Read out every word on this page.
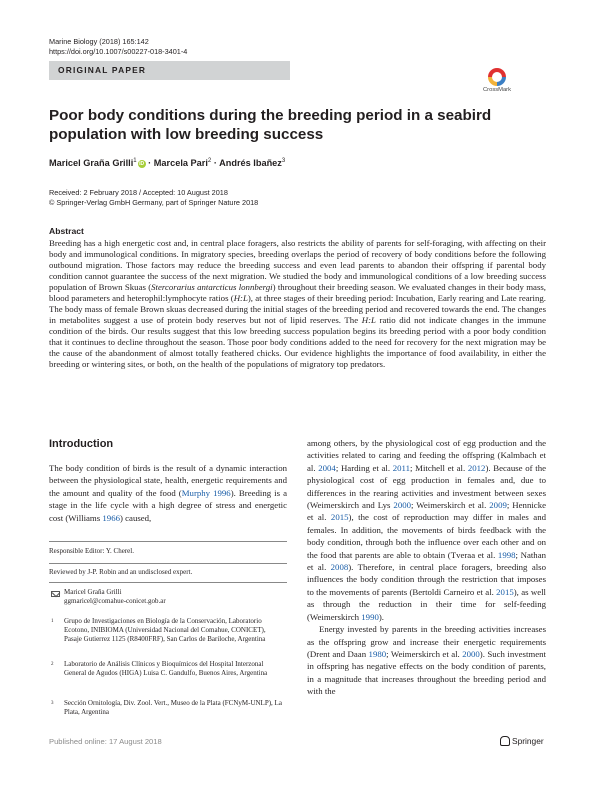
Marine Biology (2018) 165:142
https://doi.org/10.1007/s00227-018-3401-4
ORIGINAL PAPER
CrossMark
Poor body conditions during the breeding period in a seabird population with low breeding success
Maricel Graña Grilli$^1$iD · Marcela Pari$^2$ · Andrés Ibañez$^3$
Received: 2 February 2018 / Accepted: 10 August 2018
© Springer-Verlag GmbH Germany, part of Springer Nature 2018
Abstract
Breeding has a high energetic cost and, in central place foragers, also restricts the ability of parents for self-foraging, with affecting on their body and immunological conditions. In migratory species, breeding overlaps the period of recovery of body conditions before the following outbound migration. Those factors may reduce the breeding success and even lead parents to abandon their offspring if parental body condition cannot guarantee the success of the next migration. We studied the body and immunological conditions of a low breeding success population of Brown Skuas (Stercorarius antarcticus lonnbergi) throughout their breeding season. We evaluated changes in their body mass, blood parameters and heterophil:lymphocyte ratios (H:L), at three stages of their breeding period: Incubation, Early rearing and Late rearing. The body mass of female Brown skuas decreased during the initial stages of the breeding period and recovered towards the end. The changes in metabolites suggest a use of protein body reserves but not of lipid reserves. The H:L ratio did not indicate changes in the immune condition of the birds. Our results suggest that this low breeding success population begins its breeding period with a poor body condition that it continues to decline throughout the season. Those poor body conditions added to the need for recovery for the next migration may be the cause of the abandonment of almost totally feathered chicks. Our evidence highlights the importance of food availability, in either the breeding or wintering sites, or both, on the health of the populations of migratory top predators.
Introduction
The body condition of birds is the result of a dynamic interaction between the physiological state, health, energetic requirements and the amount and quality of the food (Murphy 1996). Breeding is a stage in the life cycle with a high degree of stress and energetic cost (Williams 1966) caused,

among others, by the physiological cost of egg production and the activities related to caring and feeding the offspring (Kalmbach et al. 2004; Harding et al. 2011; Mitchell et al. 2012). Because of the physiological cost of egg production in females and, due to differences in the rearing activities and investment between sexes (Weimerskirch and Lys 2000; Weimerskirch et al. 2009; Hennicke et al. 2015), the cost of reproduction may differ in males and females. In addition, the movements of birds feedback with the body condition, through both the influence over each other and on the food that parents are able to obtain (Tveraa et al. 1998; Nathan et al. 2008). Therefore, in central place foragers, breeding also influences the body condition through the restriction that imposes to the movements of parents (Bertoldi Carneiro et al. 2015), as well as through the reduction in their time for self-feeding (Weimerskirch 1990).

Energy invested by parents in the breeding activities increases as the offspring grow and increase their energetic requirements (Drent and Daan 1980; Weimerskirch et al. 2000). Such investment in offspring has negative effects on the body condition of parents, in a magnitude that increases throughout the breeding period and with the

Responsible Editor: Y. Cherel.
Reviewed by J-P. Robin and an undisclosed expert.
Maricel Graña Grilli
ggmaricel@comahue-conicet.gob.ar
1 Grupo de Investigaciones en Biología de la Conservación, Laboratorio Ecotono, INIBIOMA (Universidad Nacional del Comahue, CONICET), Pasaje Gutierrez 1125 (R8400FRF), San Carlos de Bariloche, Argentina
2 Laboratorio de Análisis Clínicos y Bioquímicos del Hospital Interzonal General de Agudos (HIGA) Luisa C. Gandulfo, Buenos Aires, Argentina
3 Sección Ornitología, Div. Zool. Vert., Museo de la Plata (FCNyM-UNLP), La Plata, Argentina
Published online: 17 August 2018	Springer
